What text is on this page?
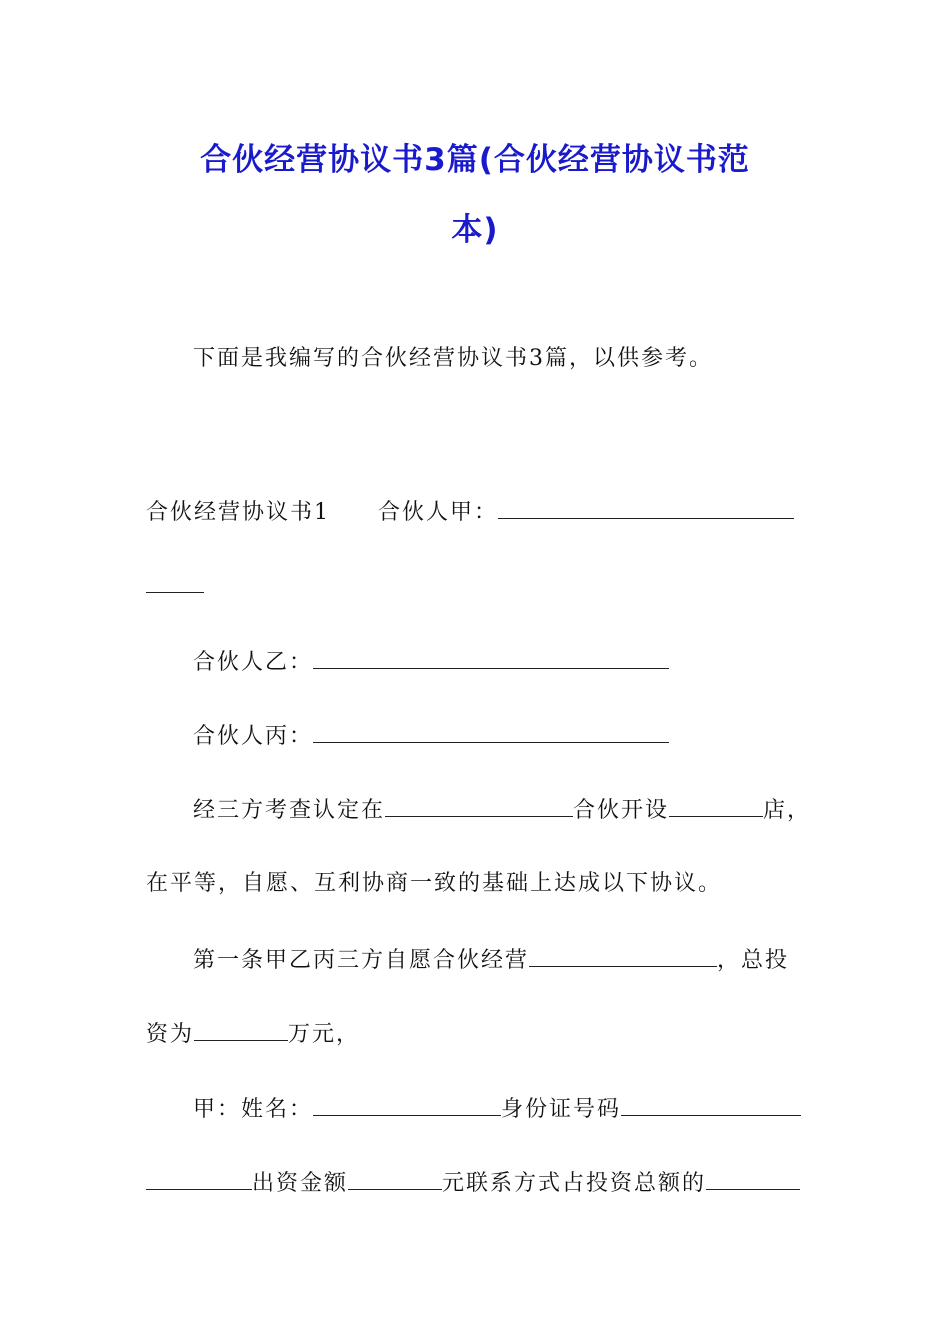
合伙经营协议书3篇(合伙经营协议书范
本)
下面是我编写的合伙经营协议书3篇，以供参考。
合伙经营协议书1 合伙人甲：
合伙人乙：
合伙人丙：
经三方考查认定在	合伙开设	店，
在平等，自愿、互利协商一致的基础上达成以下协议。
第一条甲乙丙三方自愿合伙经营	，总投
资为	万元，
甲：姓名：	身份证号码
出资金额	元联系方式占投资总额的
